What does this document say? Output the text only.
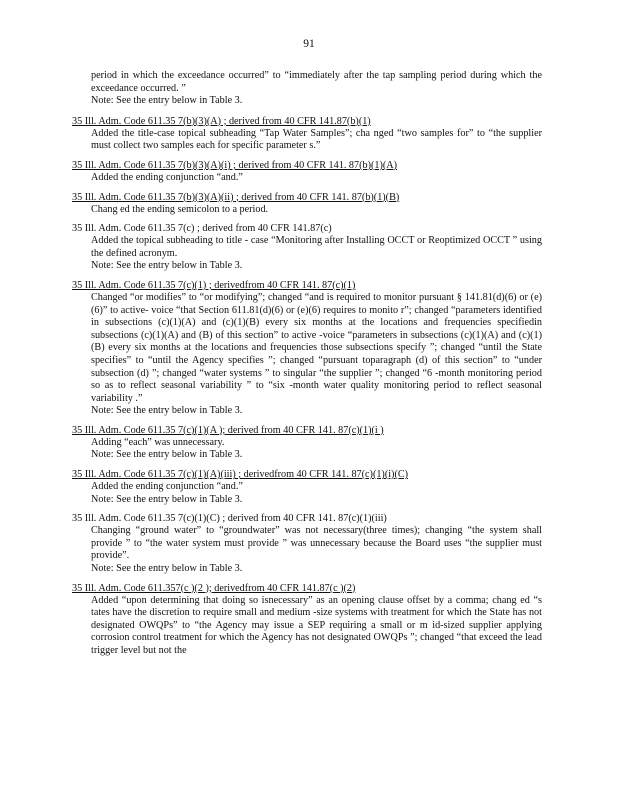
91
period in which the exceedance occurred” to “immediately after the tap sampling period during which the exceedance occurred. ”
Note: See the entry below in Table 3.
35 Ill. Adm. Code 611.35 7(b)(3)(A) ; derived from 40 CFR 141.87(b)(1)
Added the title-case topical subheading “Tap Water Samples”; cha nged “two samples for” to “the supplier must collect two samples each for specific parameter s.”
35 Ill. Adm. Code 611.35 7(b)(3)(A)(i) ; derived from 40 CFR 141. 87(b)(1)(A)
Added the ending conjunction “and.”
35 Ill. Adm. Code 611.35 7(b)(3)(A)(ii) ; derived from 40 CFR 141. 87(b)(1)(B)
Chang ed the ending semicolon to a period.
35 Ill. Adm. Code 611.35 7(c) ; derived from 40 CFR 141.87(c)
Added the topical subheading to title - case “Monitoring after Installing OCCT or Reoptimized OCCT ” using the defined acronym.
Note: See the entry below in Table 3.
35 Ill. Adm. Code 611.35 7(c)(1) ; derivedfrom 40 CFR 141. 87(c)(1)
Changed “or modifies” to “or modifying”; changed “and is required to monitor pursuant § 141.81(d)(6) or (e)(6)” to active- voice “that Section 611.81(d)(6) or (e)(6) requires to monito r”; changed “parameters identified in subsections (c)(1)(A) and (c)(1)(B) every six months at the locations and frequencies specifiedin subsections (c)(1)(A) and (B) of this section” to active -voice “parameters in subsections (c)(1)(A) and (c)(1)(B) every six months at the locations and frequencies those subsections specify ”; changed “until the State specifies” to “until the Agency specifies ”; changed “pursuant toparagraph (d) of this section” to “under subsection (d) ”; changed “water systems ” to singular “the supplier ”; changed “6 -month monitoring period so as to reflect seasonal variability ” to “six -month water quality monitoring period to reflect seasonal variability .”
Note: See the entry below in Table 3.
35 Ill. Adm. Code 611.35 7(c)(1)(A ); derived from 40 CFR 141. 87(c)(1)(i )
Adding “each” was unnecessary.
Note: See the entry below in Table 3.
35 Ill. Adm. Code 611.35 7(c)(1)(A)(iii) ; derivedfrom 40 CFR 141. 87(c)(1)(i)(C)
Added the ending conjunction “and.”
Note: See the entry below in Table 3.
35 Ill. Adm. Code 611.35 7(c)(1)(C) ; derived from 40 CFR 141. 87(c)(1)(iii)
Changing “ground water” to “groundwater” was not necessary(three times); changing “the system shall provide ” to “the water system must provide ” was unnecessary because the Board uses “the supplier must provide”.
Note: See the entry below in Table 3.
35 Ill. Adm. Code 611.357(c )(2 ); derivedfrom 40 CFR 141.87(c )(2)
Added “upon determining that doing so isnecessary” as an opening clause offset by a comma; chang ed “s tates have the discretion to require small and medium -size systems with treatment for which the State has not designated OWQPs” to “the Agency may issue a SEP requiring a small or m id-sized supplier applying corrosion control treatment for which the Agency has not designated OWQPs ”; changed “that exceed the lead trigger level but not the
